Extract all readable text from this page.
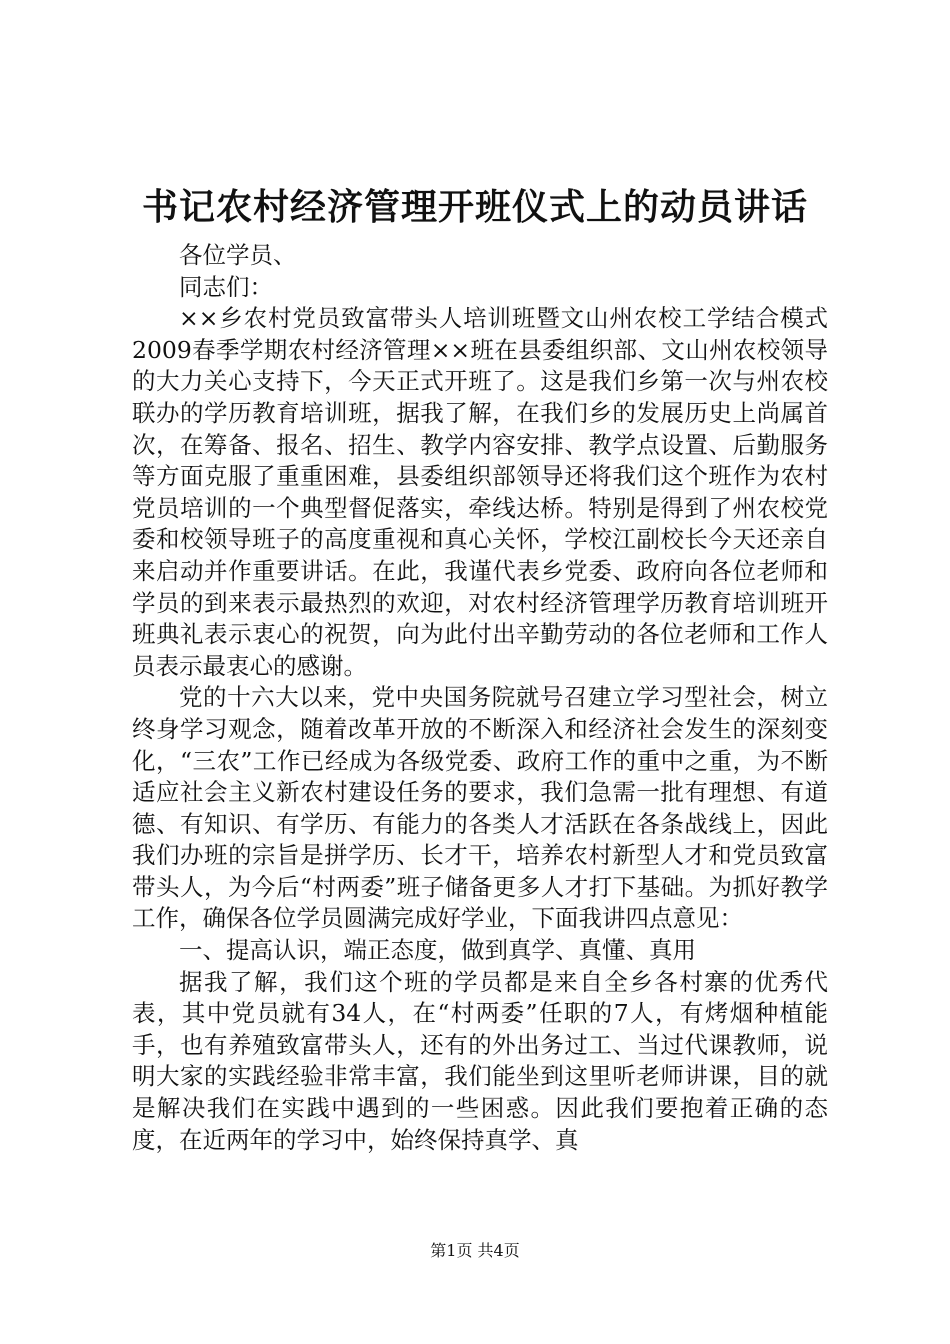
书记农村经济管理开班仪式上的动员讲话

各位学员、

同志们：

××乡农村党员致富带头人培训班暨文山州农校工学结合模式2009春季学期农村经济管理××班在县委组织部、文山州农校领导的大力关心支持下，今天正式开班了。这是我们乡第一次与州农校联办的学历教育培训班，据我了解，在我们乡的发展历史上尚属首次，在筹备、报名、招生、教学内容安排、教学点设置、后勤服务等方面克服了重重困难，县委组织部领导还将我们这个班作为农村党员培训的一个典型督促落实，牵线达桥。特别是得到了州农校党委和校领导班子的高度重视和真心关怀，学校江副校长今天还亲自来启动并作重要讲话。在此，我谨代表乡党委、政府向各位老师和学员的到来表示最热烈的欢迎，对农村经济管理学历教育培训班开班典礼表示衷心的祝贺，向为此付出辛勤劳动的各位老师和工作人员表示最衷心的感谢。

党的十六大以来，党中央国务院就号召建立学习型社会，树立终身学习观念，随着改革开放的不断深入和经济社会发生的深刻变化，“三农”工作已经成为各级党委、政府工作的重中之重，为不断适应社会主义新农村建设任务的要求，我们急需一批有理想、有道德、有知识、有学历、有能力的各类人才活跃在各条战线上，因此我们办班的宗旨是拼学历、长才干，培养农村新型人才和党员致富带头人，为今后“村两委”班子储备更多人才打下基础。为抓好教学工作，确保各位学员圆满完成好学业，下面我讲四点意见：

一、提高认识，端正态度，做到真学、真懂、真用

据我了解，我们这个班的学员都是来自全乡各村寨的优秀代表，其中党员就有34人，在“村两委”任职的7人，有烤烟种植能手，也有养殖致富带头人，还有的外出务过工、当过代课教师，说明大家的实践经验非常丰富，我们能坐到这里听老师讲课，目的就是解决我们在实践中遇到的一些困惑。因此我们要抱着正确的态度，在近两年的学习中，始终保持真学、真

第1页 共4页
